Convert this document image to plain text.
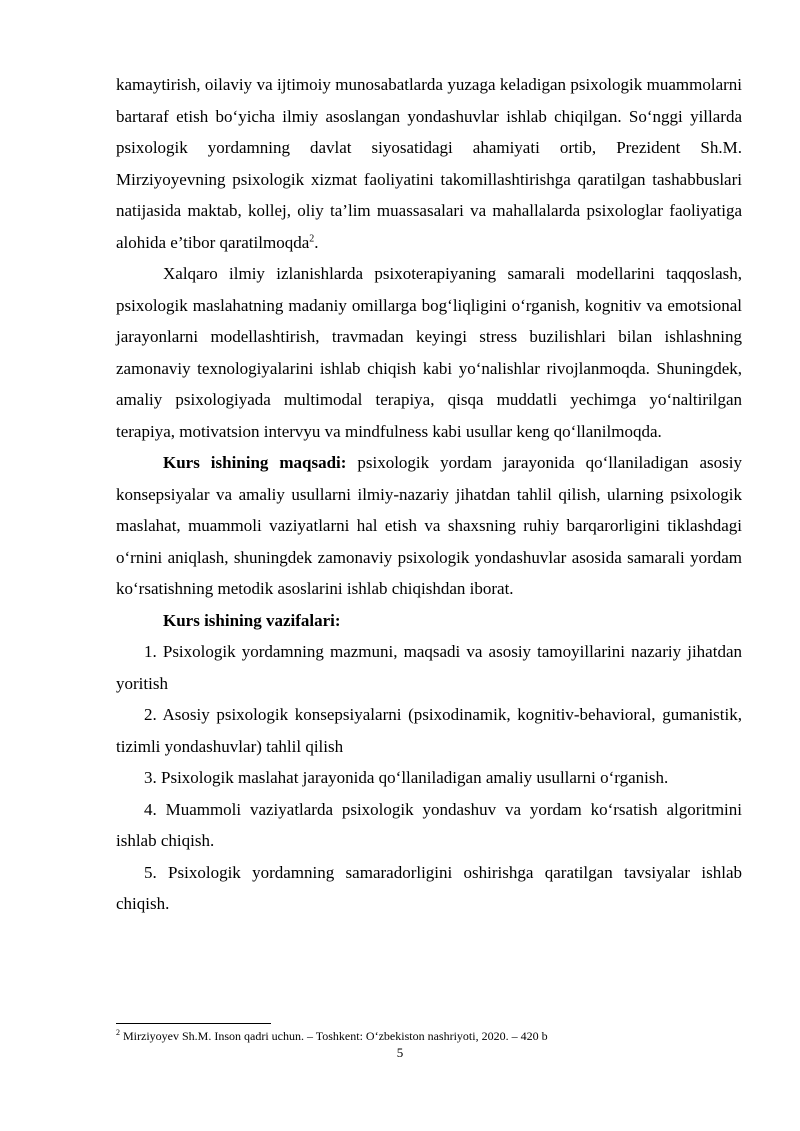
kamaytirish, oilaviy va ijtimoiy munosabatlarda yuzaga keladigan psixologik muammolarni bartaraf etish bo‘yicha ilmiy asoslangan yondashuvlar ishlab chiqilgan. So‘nggi yillarda psixologik yordamning davlat siyosatidagi ahamiyati ortib, Prezident Sh.M. Mirziyoyevning psixologik xizmat faoliyatini takomillashtirishga qaratilgan tashabbuslari natijasida maktab, kollej, oliy ta’lim muassasalari va mahallalarda psixologlar faoliyatiga alohida e’tibor qaratilmoqda$^2$.

Xalqaro ilmiy izlanishlarda psixoterapiyaning samarali modellarini taqqoslash, psixologik maslahatning madaniy omillarga bog‘liqligini o‘rganish, kognitiv va emotsional jarayonlarni modellashtirish, travmadan keyingi stress buzilishlari bilan ishlashning zamonaviy texnologiyalarini ishlab chiqish kabi yo‘nalishlar rivojlanmoqda. Shuningdek, amaliy psixologiyada multimodal terapiya, qisqa muddatli yechimga yo‘naltirilgan terapiya, motivatsion intervyu va mindfulness kabi usullar keng qo‘llanilmoqda.

Kurs ishining maqsadi: psixologik yordam jarayonida qo‘llaniladigan asosiy konsepsiyalar va amaliy usullarni ilmiy-nazariy jihatdan tahlil qilish, ularning psixologik maslahat, muammoli vaziyatlarni hal etish va shaxsning ruhiy barqarorligini tiklashdagi o‘rnini aniqlash, shuningdek zamonaviy psixologik yondashuvlar asosida samarali yordam ko‘rsatishning metodik asoslarini ishlab chiqishdan iborat.

Kurs ishining vazifalari:

1. Psixologik yordamning mazmuni, maqsadi va asosiy tamoyillarini nazariy jihatdan yoritish

2. Asosiy psixologik konsepsiyalarni (psixodinamik, kognitiv-behavioral, gumanistik, tizimli yondashuvlar) tahlil qilish

3. Psixologik maslahat jarayonida qo‘llaniladigan amaliy usullarni o‘rganish.

4. Muammoli vaziyatlarda psixologik yondashuv va yordam ko‘rsatish algoritmini ishlab chiqish.

5. Psixologik yordamning samaradorligini oshirishga qaratilgan tavsiyalar ishlab chiqish.

$^2$ Mirziyoyev Sh.M. Inson qadri uchun. – Toshkent: O‘zbekiston nashriyoti, 2020. – 420 b
5
